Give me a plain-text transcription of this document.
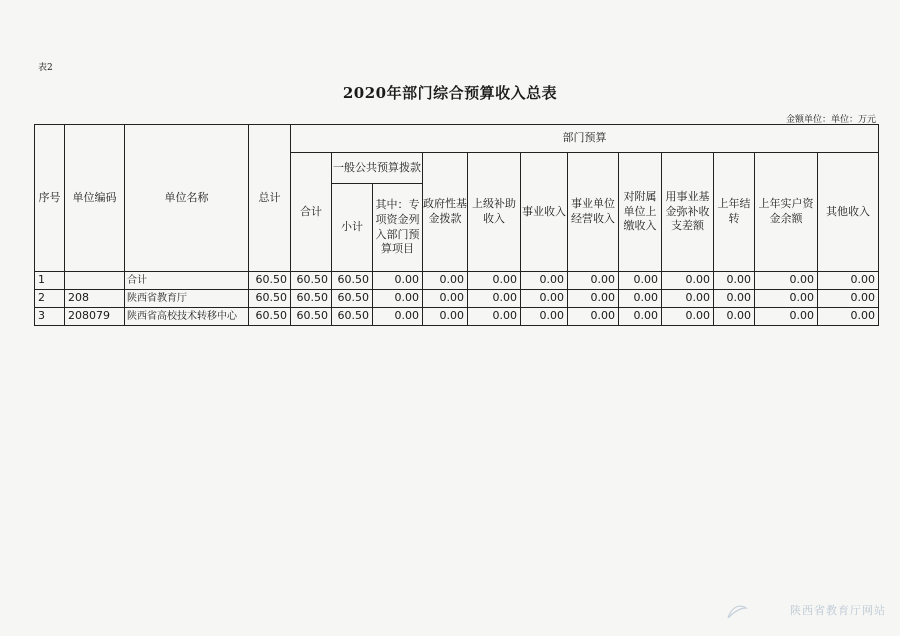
表2
2020年部门综合预算收入总表
金额单位：单位：万元
序号	单位编码	单位名称	总计	部门预算											
				合计	一般公共预算拨款		政府性基金拨款	上级补助收入	事业收入	事业单位经营收入	对附属单位上缴收入	用事业基金弥补收支差额	上年结转	上年实户资金余额	其他收入
					小计	其中：专项资金列入部门预算项目									

1		合计	60.50	60.50	60.50	0.00	0.00	0.00	0.00	0.00	0.00	0.00	0.00	0.00	0.00
2	208	陕西省教育厅	60.50	60.50	60.50	0.00	0.00	0.00	0.00	0.00	0.00	0.00	0.00	0.00	0.00
3	208079	陕西省高校技术转移中心	60.50	60.50	60.50	0.00	0.00	0.00	0.00	0.00	0.00	0.00	0.00	0.00	0.00
陕西省教育厅网站
